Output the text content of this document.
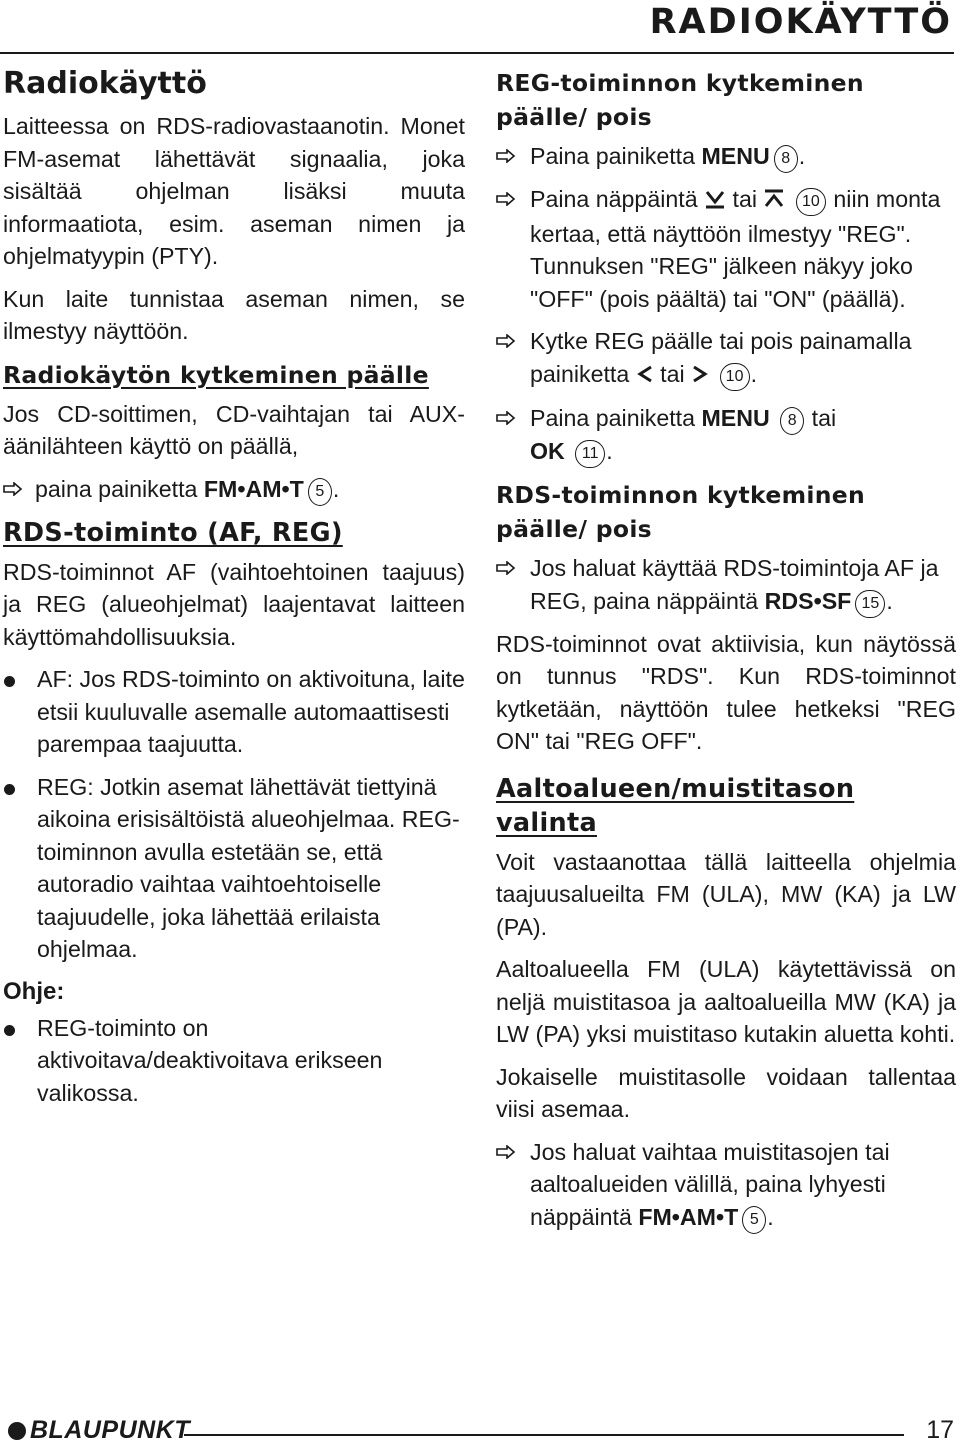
RADIOKÄYTTÖ
Radiokäyttö

Laitteessa on RDS-radiovastaanotin. Monet FM-asemat lähettävät signaalia, joka sisältää ohjelman lisäksi muuta informaatiota, esim. aseman nimen ja ohjelmatyypin (PTY).

Kun laite tunnistaa aseman nimen, se ilmestyy näyttöön.

Radiokäytön kytkeminen päälle

Jos CD-soittimen, CD-vaihtajan tai AUX-äänilähteen käyttö on päällä,

paina painiketta FM•AM•T 5 .
RDS-toiminto (AF, REG)

RDS-toiminnot AF (vaihtoehtoinen taajuus) ja REG (alueohjelmat) laajentavat laitteen käyttömahdollisuuksia.

AF: Jos RDS-toiminto on aktivoituna, laite etsii kuuluvalle asemalle automaattisesti parempaa taajuutta.
REG: Jotkin asemat lähettävät tiettyinä aikoina erisisältöistä alueohjelmaa. REG-toiminnon avulla estetään se, että autoradio vaihtaa vaihtoehtoiselle taajuudelle, joka lähettää erilaista ohjelmaa.
Ohje:
REG-toiminto on aktivoitava/deaktivoitava erikseen valikossa.
REG-toiminnon kytkeminen päälle/ pois
Paina painiketta MENU 8 .
Paina näppäintä tai	10 niin monta kertaa, että näyttöön ilmestyy "REG". Tunnuksen "REG" jälkeen näkyy joko "OFF" (pois päältä) tai "ON" (päällä).
Kytke REG päälle tai pois painamalla painiketta tai	10 .
Paina painiketta MENU 8 tai
OK 11 .
RDS-toiminnon kytkeminen päälle/ pois
Jos haluat käyttää RDS-toimintoja AF ja REG, paina näppäintä RDS•SF 15 .

RDS-toiminnot ovat aktiivisia, kun näytössä on tunnus "RDS". Kun RDS-toiminnot kytketään, näyttöön tulee hetkeksi "REG ON" tai "REG OFF".

Aaltoalueen/muistitason valinta

Voit vastaanottaa tällä laitteella ohjelmia taajuusalueilta FM (ULA), MW (KA) ja LW (PA).

Aaltoalueella FM (ULA) käytettävissä on neljä muistitasoa ja aaltoalueilla MW (KA) ja LW (PA) yksi muistitaso kutakin aluetta kohti.

Jokaiselle muistitasolle voidaan tallentaa viisi asemaa.

Jos haluat vaihtaa muistitasojen tai aaltoalueiden välillä, paina lyhyesti näppäintä FM•AM•T 5 .
BLAUPUNKT	17
